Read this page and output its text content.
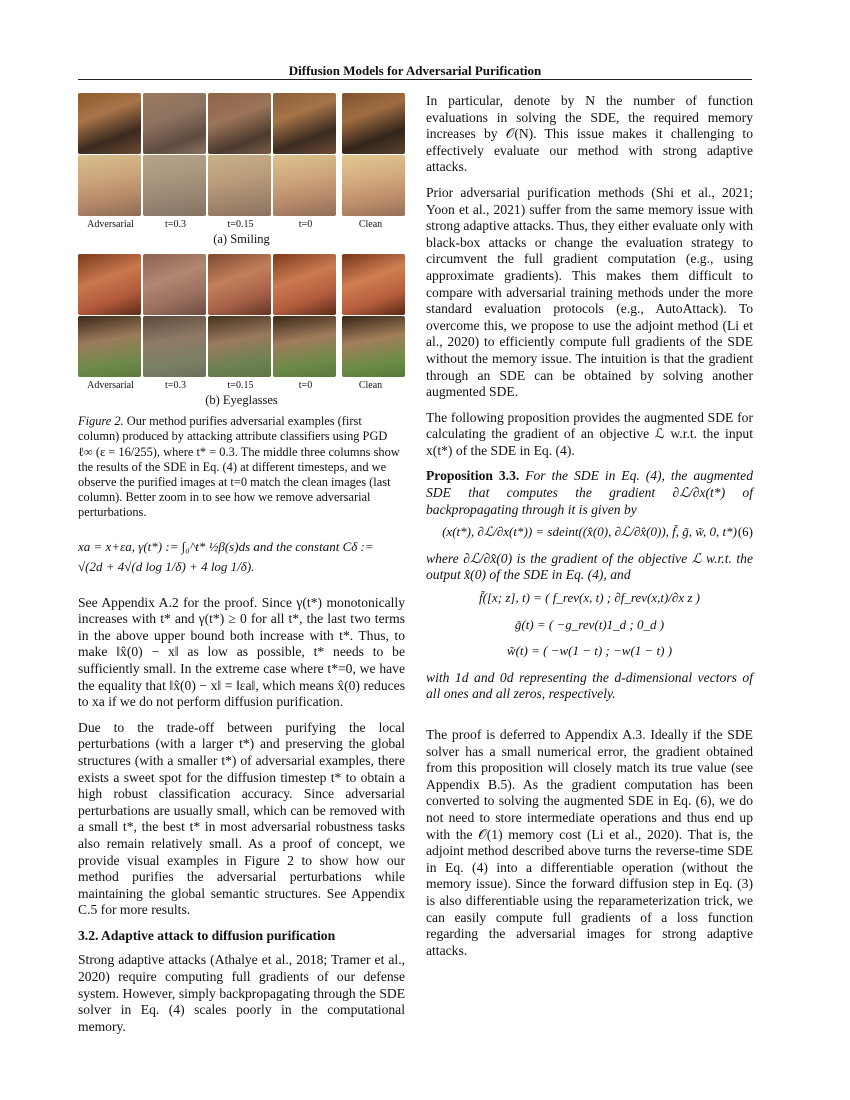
Diffusion Models for Adversarial Purification
Adversarial	t=0.3	t=0.15	t=0	Clean
(a) Smiling
Adversarial	t=0.3	t=0.15	t=0	Clean
(b) Eyeglasses
Figure 2. Our method purifies adversarial examples (first column) produced by attacking attribute classifiers using PGD ℓ∞ (ε = 16/255), where t* = 0.3. The middle three columns show the results of the SDE in Eq. (4) at different timesteps, and we observe the purified images at t=0 match the clean images (last column). Better zoom in to see how we remove adversarial perturbations.
xa = x+εa, γ(t*) := ∫₀^t* ½β(s)ds and the constant Cδ :=
√(2d + 4√(d log 1/δ) + 4 log 1/δ).

See Appendix A.2 for the proof. Since γ(t*) monotonically increases with t* and γ(t*) ≥ 0 for all t*, the last two terms in the above upper bound both increase with t*. Thus, to make ‖x̂(0) − x‖ as low as possible, t* needs to be sufficiently small. In the extreme case where t*=0, we have the equality that ‖x̂(0) − x‖ = ‖εa‖, which means x̂(0) reduces to xa if we do not perform diffusion purification.

Due to the trade-off between purifying the local perturbations (with a larger t*) and preserving the global structures (with a smaller t*) of adversarial examples, there exists a sweet spot for the diffusion timestep t* to obtain a high robust classification accuracy. Since adversarial perturbations are usually small, which can be removed with a small t*, the best t* in most adversarial robustness tasks also remain relatively small. As a proof of concept, we provide visual examples in Figure 2 to show how our method purifies the adversarial perturbations while maintaining the global semantic structures. See Appendix C.5 for more results.

3.2. Adaptive attack to diffusion purification

Strong adaptive attacks (Athalye et al., 2018; Tramer et al., 2020) require computing full gradients of our defense system. However, simply backpropagating through the SDE solver in Eq. (4) scales poorly in the computational memory.

In particular, denote by N the number of function evaluations in solving the SDE, the required memory increases by 𝒪(N). This issue makes it challenging to effectively evaluate our method with strong adaptive attacks.

Prior adversarial purification methods (Shi et al., 2021; Yoon et al., 2021) suffer from the same memory issue with strong adaptive attacks. Thus, they either evaluate only with black-box attacks or change the evaluation strategy to circumvent the full gradient computation (e.g., using approximate gradients). This makes them difficult to compare with adversarial training methods under the more standard evaluation protocols (e.g., AutoAttack). To overcome this, we propose to use the adjoint method (Li et al., 2020) to efficiently compute full gradients of the SDE without the memory issue. The intuition is that the gradient through an SDE can be obtained by solving another augmented SDE.

The following proposition provides the augmented SDE for calculating the gradient of an objective ℒ w.r.t. the input x(t*) of the SDE in Eq. (4).

Proposition 3.3. For the SDE in Eq. (4), the augmented SDE that computes the gradient ∂ℒ/∂x(t*) of backpropagating through it is given by

(x(t*), ∂ℒ/∂x(t*)) = sdeint((x̂(0), ∂ℒ/∂x̂(0)), f̃, g̃, w̃, 0, t*) (6)

where ∂ℒ/∂x̂(0) is the gradient of the objective ℒ w.r.t. the output x̂(0) of the SDE in Eq. (4), and

f̃([x; z], t) = ( f_rev(x, t) ; ∂f_rev(x,t)/∂x z )
g̃(t) = ( −g_rev(t)1_d ; 0_d )
w̃(t) = ( −w(1 − t) ; −w(1 − t) )

with 1d and 0d representing the d-dimensional vectors of all ones and all zeros, respectively.

The proof is deferred to Appendix A.3. Ideally if the SDE solver has a small numerical error, the gradient obtained from this proposition will closely match its true value (see Appendix B.5). As the gradient computation has been converted to solving the augmented SDE in Eq. (6), we do not need to store intermediate operations and thus end up with the 𝒪(1) memory cost (Li et al., 2020). That is, the adjoint method described above turns the reverse-time SDE in Eq. (4) into a differentiable operation (without the memory issue). Since the forward diffusion step in Eq. (3) is also differentiable using the reparameterization trick, we can easily compute full gradients of a loss function regarding the adversarial images for strong adaptive attacks.
